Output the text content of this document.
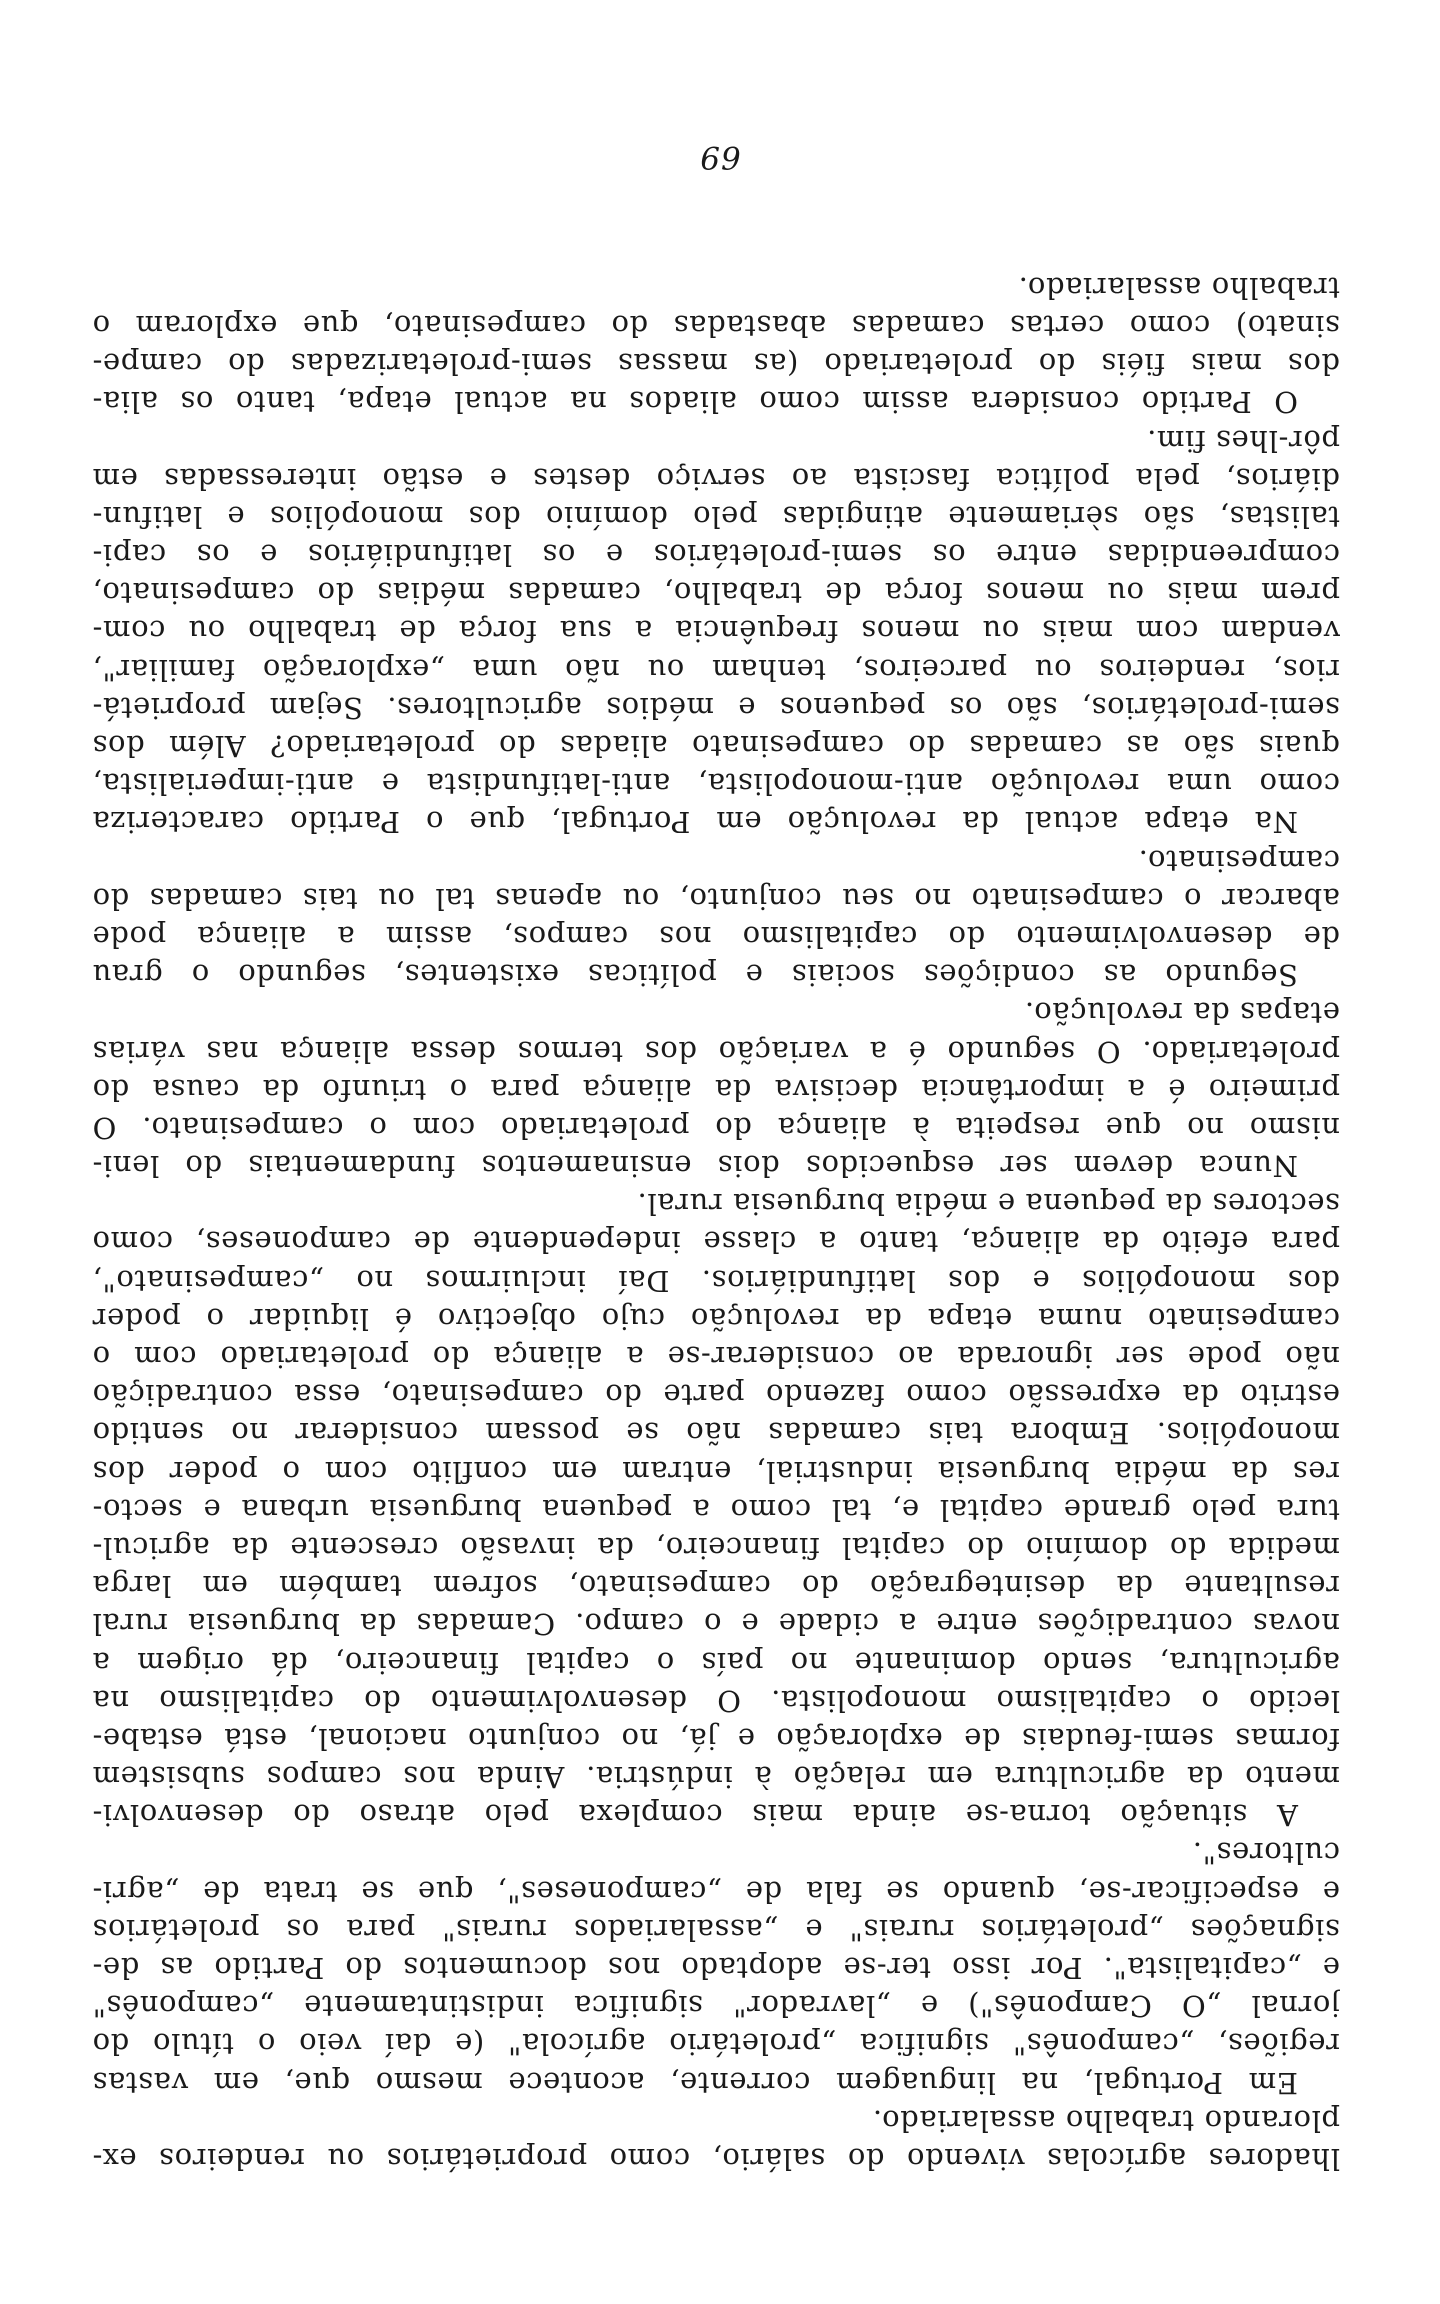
lhadores agrícolas vivendo do salário, como proprietários ou rendeiros ex-
plorando trabalho assalariado.
Em Portugal, na linguagem corrente, acontece mesmo que, em vastas
regiões, „camponês" significa „proletário agrícola" (e daí veio o título do
jornal „O Camponês") e „lavrador" significa indistintamente „camponês"
e „capitalista". Por isso ter-se adoptado nos documentos do Partido as de-
signações „proletários rurais" e „assalariados rurais" para os proletários
e especificar-se, quando se fala de „camponeses", que se trata de „agri-
cultores".
A situação torna-se ainda mais complexa pelo atraso do desenvolvi-
mento da agricultura em relação à indústria. Ainda nos campos subsistem
formas semi-feudais de exploração e já, no conjunto nacional, está estabe-
lecido o capitalismo monopolista. O desenvolvimento do capitalismo na
agricultura, sendo dominante no país o capital financeiro, dá origem a
novas contradições entre a cidade e o campo. Camadas da burguesia rural
resultante da desintegração do campesinato, sofrem também em larga
medida do domínio do capital financeiro, da invasão crescente da agricul-
tura pelo grande capital e, tal como a pequena burguesia urbana e secto-
res da média burguesia industrial, entram em conflito com o poder dos
monopólios. Embora tais camadas não se possam considerar no sentido
estrito da expressão como fazendo parte do campesinato, essa contradição
não pode ser ignorada ao considerar-se a aliança do proletariado com o
campesinato numa etapa da revolução cujo objectivo é liquidar o poder
dos monopólios e dos latifundiários. Daí incluirmos no „campesinato",
para efeito da aliança, tanto a classe independente de camponeses, como
sectores da pequena e média burguesia rural.
Nunca devem ser esquecidos dois ensinamentos fundamentais do leni-
nismo no que respeita à aliança do proletariado com o campesinato. O
primeiro é a importância decisiva da aliança para o triunfo da causa do
proletariado. O segundo é a variação dos termos dessa aliança nas várias
etapas da revolução.
Segundo as condições sociais e políticas existentes, segundo o grau
de desenvolvimento do capitalismo nos campos, assim a aliança pode
abarcar o campesinato no seu conjunto, ou apenas tal ou tais camadas do
campesinato.
Na etapa actual da revolução em Portugal, que o Partido caracteriza
como uma revolução anti-monopolista, anti-latifundista e anti-imperialista,
quais são as camadas do campesinato aliadas do proletariado? Além dos
semi-proletários, são os pequenos e médios agricultores. Sejam proprietá-
rios, rendeiros ou parceiros, tenham ou não uma „exploração familiar",
vendam com mais ou menos frequência a sua força de trabalho ou com-
prem mais ou menos força de trabalho, camadas médias do campesinato,
compreendidas entre os semi-proletários e os latifundiários e os capi-
talistas, são sèriamente atingidas pelo domínio dos monopólios e latifun-
diários, pela política fascista ao serviço destes e estão interessadas em
pôr-lhes fim.
O Partido considera assim como aliados na actual etapa, tanto os alia-
dos mais fiéis do proletariado (as massas semi-proletarizadas do campe-
sinato) como certas camadas abastadas do campesinato, que exploram o
trabalho assalariado.
69
